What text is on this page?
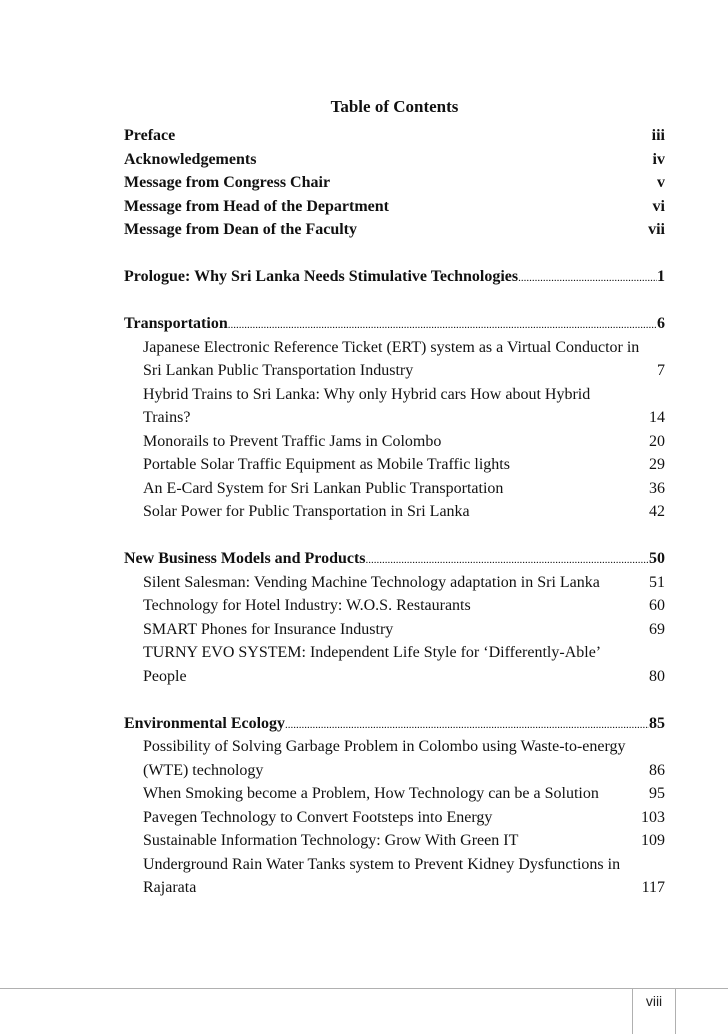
Table of Contents
Preface	iii
Acknowledgements	iv
Message from Congress Chair	v
Message from Head of the Department	vi
Message from Dean of the Faculty	vii
Prologue: Why Sri Lanka Needs Stimulative Technologies .....	1
Transportation .....	6
Japanese Electronic Reference Ticket (ERT) system as a Virtual Conductor in Sri Lankan Public Transportation Industry	7
Hybrid Trains to Sri Lanka: Why only Hybrid cars How about Hybrid Trains?	14
Monorails to Prevent Traffic Jams in Colombo	20
Portable Solar Traffic Equipment as Mobile Traffic lights	29
An E-Card System for Sri Lankan Public Transportation	36
Solar Power for Public Transportation in Sri Lanka	42
New Business Models and Products .....	50
Silent Salesman: Vending Machine Technology adaptation in Sri Lanka	51
Technology for Hotel Industry: W.O.S. Restaurants	60
SMART Phones for Insurance Industry	69
TURNY EVO SYSTEM: Independent Life Style for ‘Differently-Able’ People	80
Environmental Ecology .....	85
Possibility of Solving Garbage Problem in Colombo using Waste-to-energy (WTE) technology	86
When Smoking become a Problem, How Technology can be a Solution	95
Pavegen Technology to Convert Footsteps into Energy	103
Sustainable Information Technology: Grow With Green IT	109
Underground Rain Water Tanks system to Prevent Kidney Dysfunctions in Rajarata	117
viii
